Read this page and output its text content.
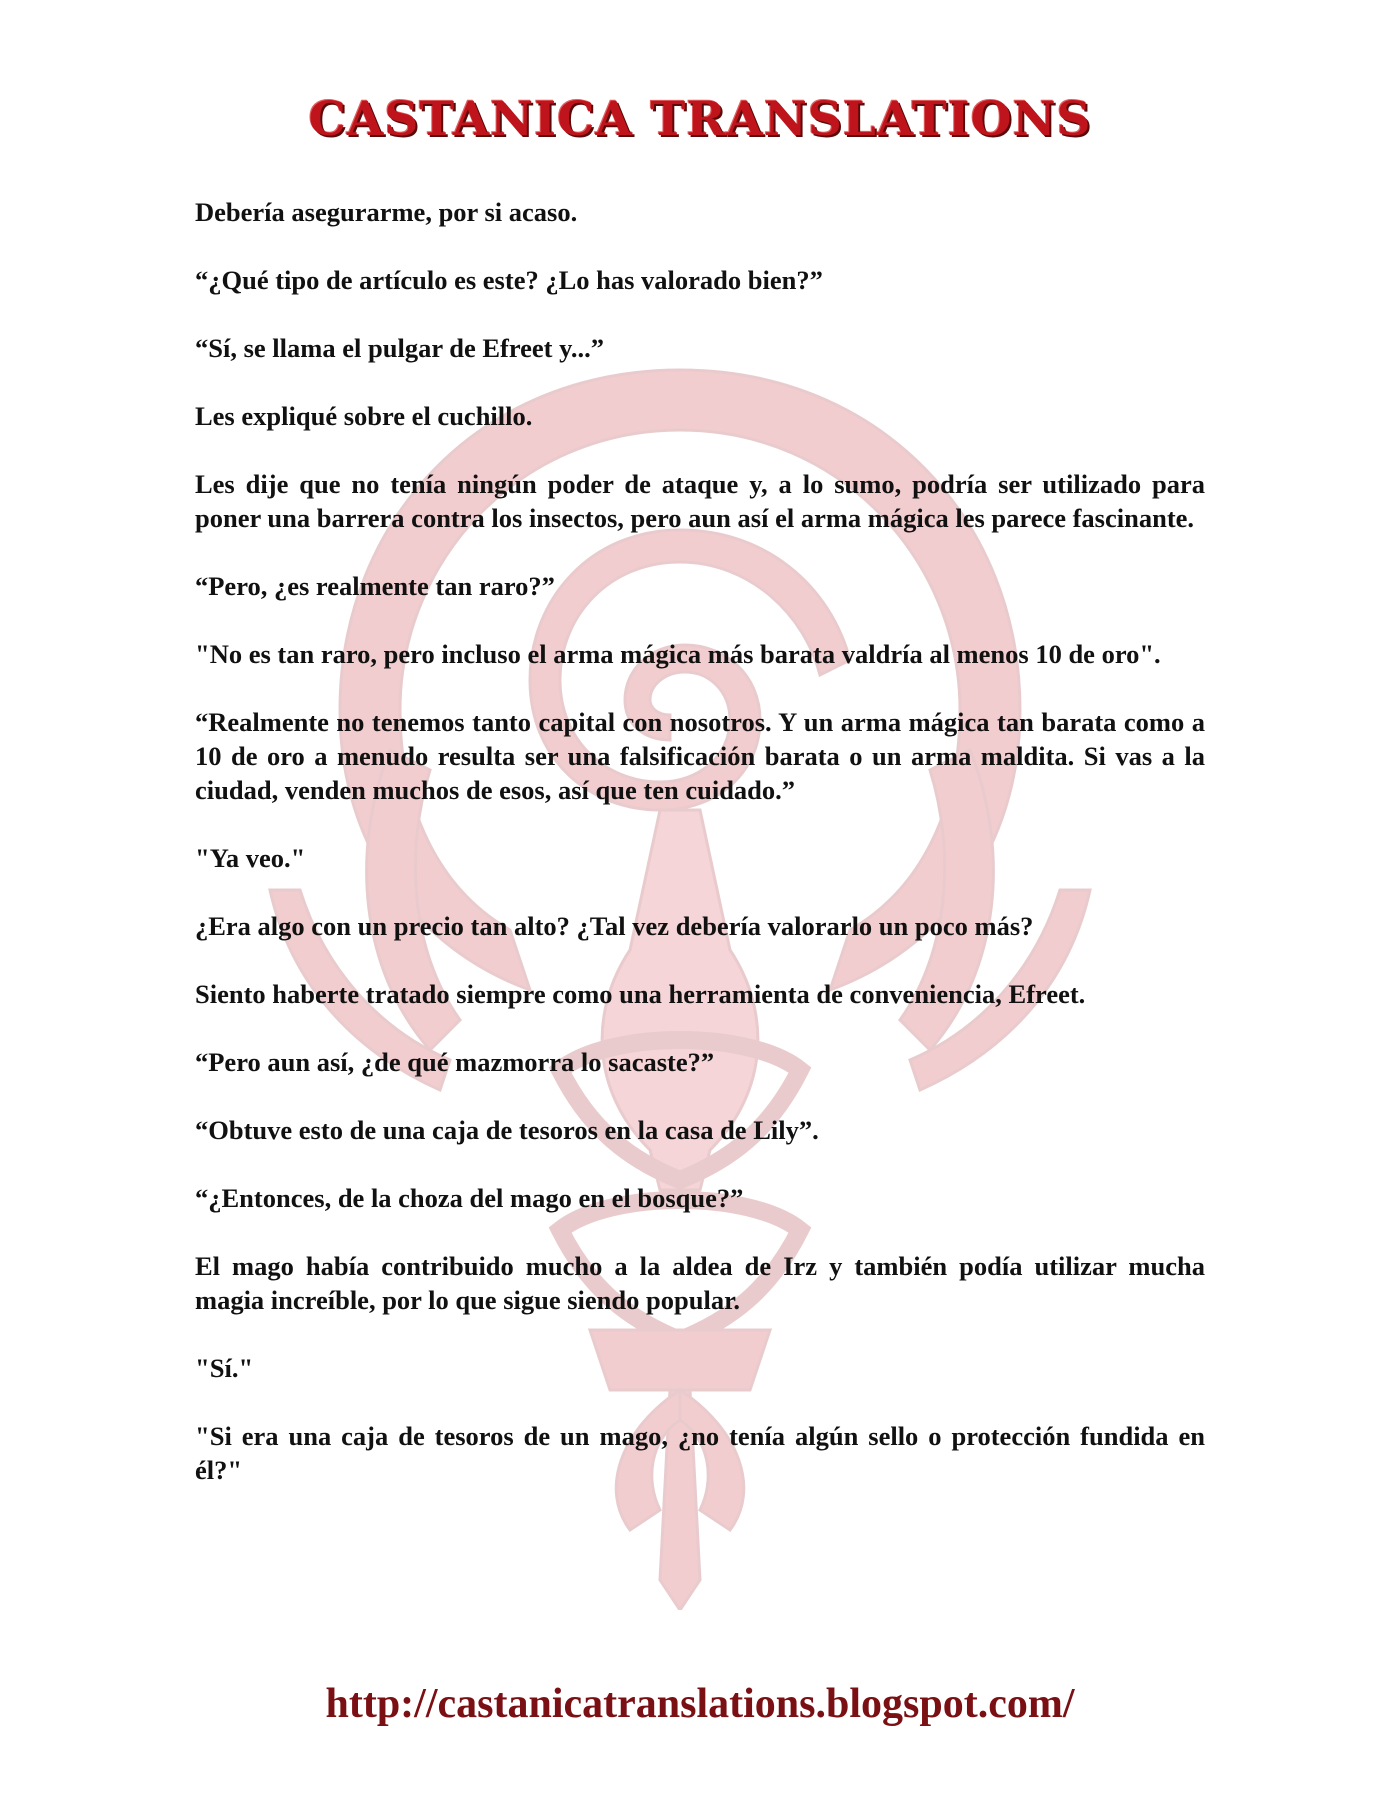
CASTANICA TRANSLATIONS

Debería asegurarme, por si acaso.

“¿Qué tipo de artículo es este? ¿Lo has valorado bien?”

“Sí, se llama el pulgar de Efreet y...”

Les expliqué sobre el cuchillo.

Les dije que no tenía ningún poder de ataque y, a lo sumo, podría ser utilizado para poner una barrera contra los insectos, pero aun así el arma mágica les parece fascinante.

“Pero, ¿es realmente tan raro?”

"No es tan raro, pero incluso el arma mágica más barata valdría al menos 10 de oro".

“Realmente no tenemos tanto capital con nosotros. Y un arma mágica tan barata como a 10 de oro a menudo resulta ser una falsificación barata o un arma maldita. Si vas a la ciudad, venden muchos de esos, así que ten cuidado.”

"Ya veo."

¿Era algo con un precio tan alto? ¿Tal vez debería valorarlo un poco más?

Siento haberte tratado siempre como una herramienta de conveniencia, Efreet.

“Pero aun así, ¿de qué mazmorra lo sacaste?”

“Obtuve esto de una caja de tesoros en la casa de Lily”.

“¿Entonces, de la choza del mago en el bosque?”

El mago había contribuido mucho a la aldea de Irz y también podía utilizar mucha magia increíble, por lo que sigue siendo popular.

"Sí."

"Si era una caja de tesoros de un mago, ¿no tenía algún sello o protección fundida en él?"

http://castanicatranslations.blogspot.com/
